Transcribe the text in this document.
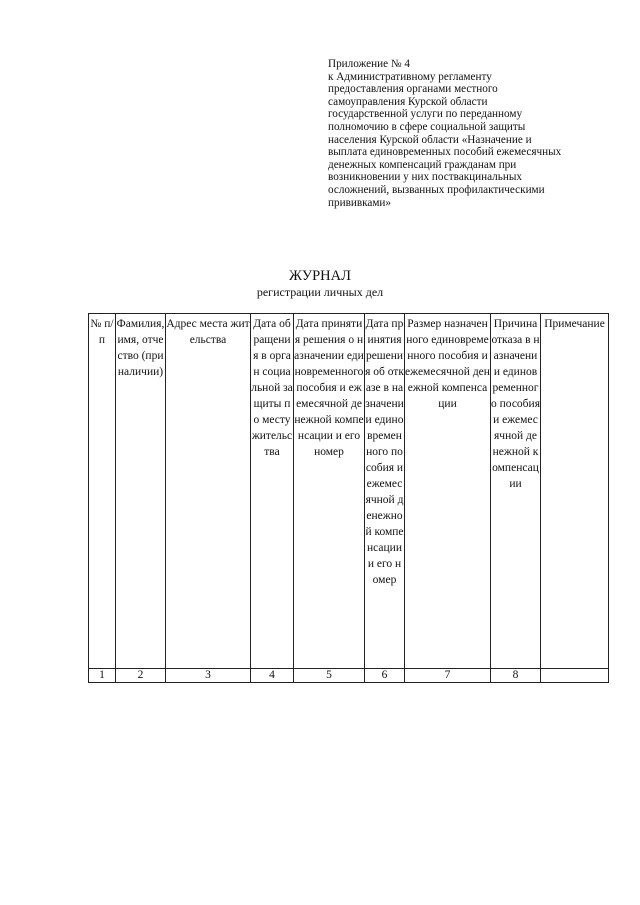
Приложение № 4
к Административному регламенту
предоставления органами местного
самоуправления Курской области
государственной услуги по переданному
полномочию в сфере социальной защиты
населения Курской области «Назначение и
выплата единовременных пособий ежемесячных
денежных компенсаций гражданам при
возникновении у них поствакцинальных
осложнений, вызванных профилактическими
прививками»
ЖУРНАЛ
регистрации личных дел
№ п/п	Фамилия, имя, отчество (при наличии)	Адрес места жительства	Дата обращения в орган социальной защиты по месту жительства	Дата принятия решения о назначении единовременного пособия и ежемесячной денежной компенсации и его номер	Дата принятия решения об отказе в назначении единовременного пособия и ежемесячной денежной компенсации и его номер	Размер назначенного единовременного пособия и ежемесячной денежной компенсации	Причина отказа в назначении единовременного пособия и ежемесячной денежной компенсации	Примечание
1	2	3	4	5	6	7	8	
